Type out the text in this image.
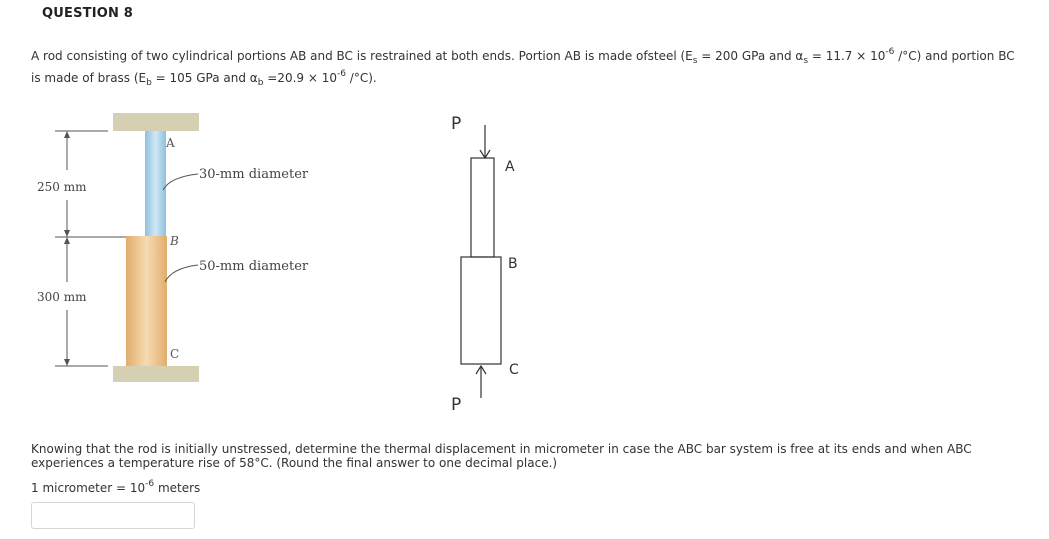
QUESTION 8
A rod consisting of two cylindrical portions AB and BC is restrained at both ends. Portion AB is made ofsteel ($E_s = 200$ GPa and $\alpha_s = 11.7 \times 10^{-6}$ /°C) and portion BC
is made of brass ($E_b = 105$ GPa and $\alpha_b =20.9 \times 10^{-6}$ /°C).
250 mm
300 mm
A
B
C
30-mm diameter
50-mm diameter
P
A
B
C
P
Knowing that the rod is initially unstressed, determine the thermal displacement in micrometer in case the ABC bar system is free at its ends and when ABC experiences a temperature rise of 58°C. (Round the final answer to one decimal place.)
1 micrometer = $10^{-6}$ meters
